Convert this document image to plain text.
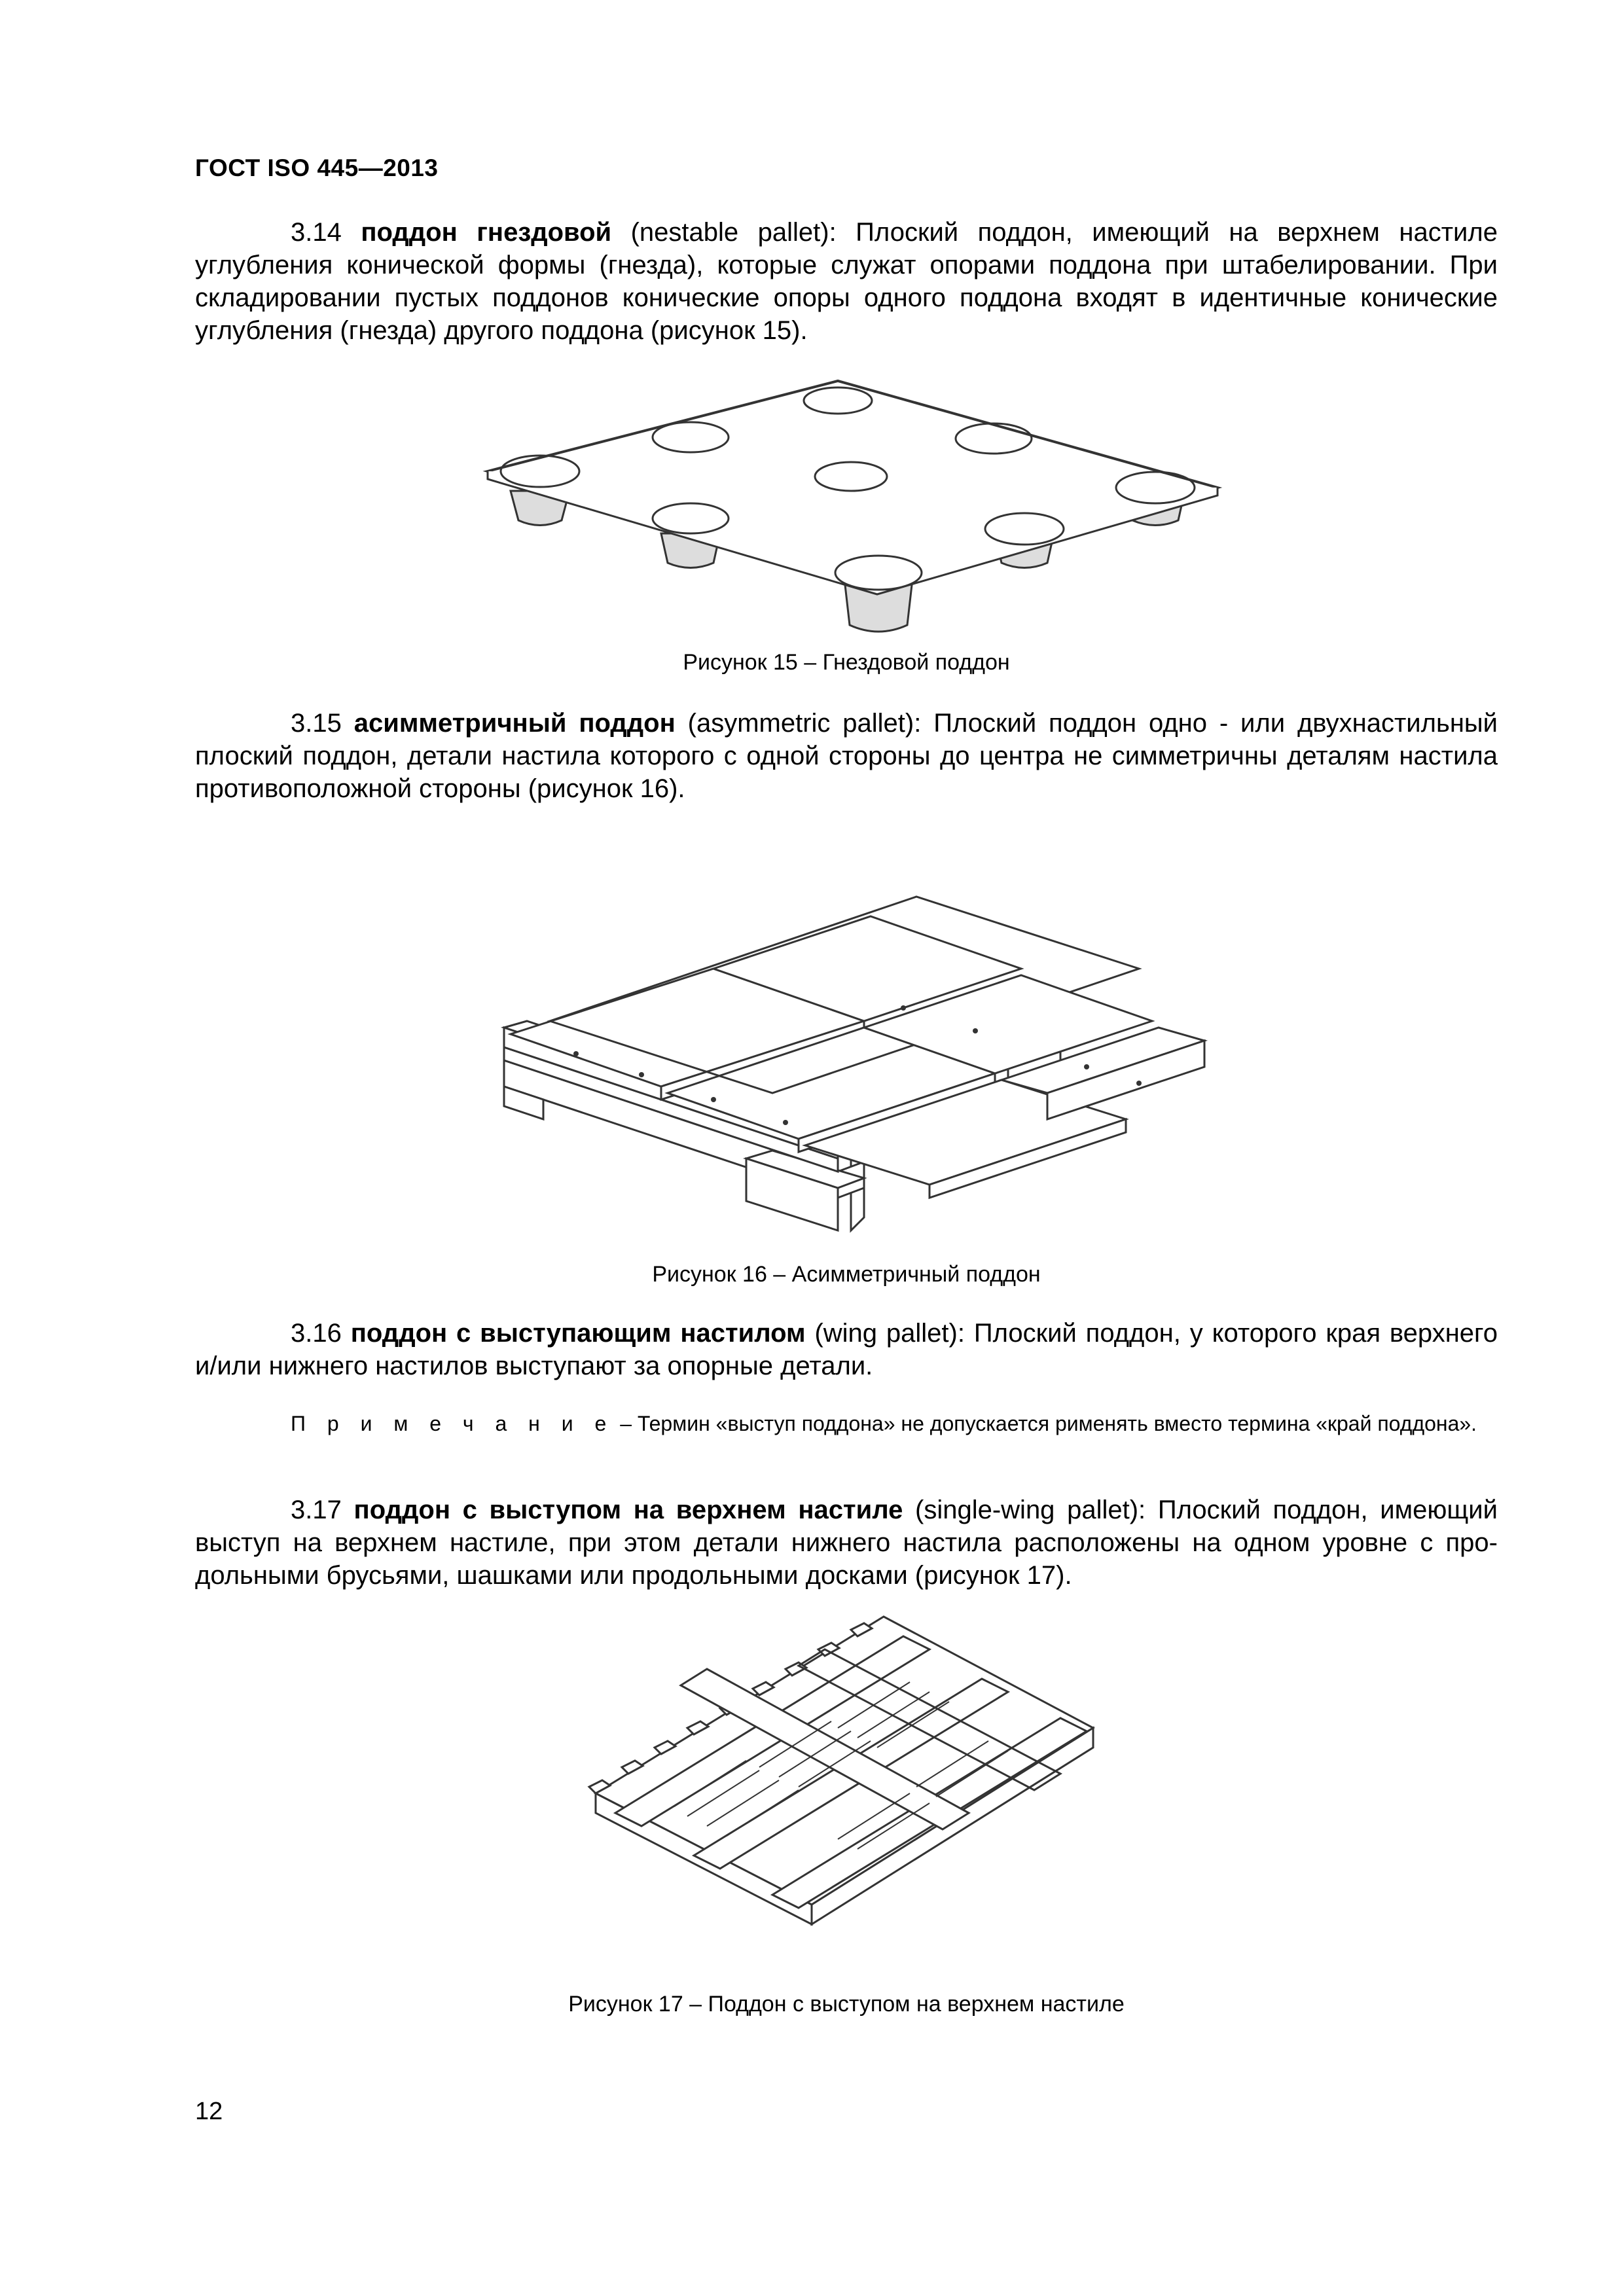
ГОСТ ISO 445—2013
3.14 поддон гнездовой (nestable pallet): Плоский поддон, имеющий на верхнем настиле углубления конической формы (гнезда), которые служат опорами поддона при штабелировании. При складировании пустых поддонов конические опоры одного поддона входят в идентичные конические углубления (гнезда) другого поддона (рисунок 15).
Рисунок 15 – Гнездовой поддон
3.15 асимметричный поддон (asymmetric pallet): Плоский поддон одно - или двухнастильный плоский поддон, детали настила которого с одной стороны до центра не симметричны деталям настила противоположной стороны (рисунок 16).
Рисунок 16 – Асимметричный поддон
3.16 поддон с выступающим настилом (wing pallet): Плоский поддон, у которого края верхнего и/или нижнего настилов выступают за опорные детали.
П р и м е ч а н и е – Термин «выступ поддона» не допускается рименять вместо термина «край поддона».
3.17 поддон с выступом на верхнем настиле (single-wing pallet): Плоский поддон, имеющий выступ на верхнем настиле, при этом детали нижнего настила расположены на одном уровне с продольными брусьями, шашками или продольными досками (рисунок 17).
Рисунок 17 – Поддон с выступом на верхнем настиле
12
